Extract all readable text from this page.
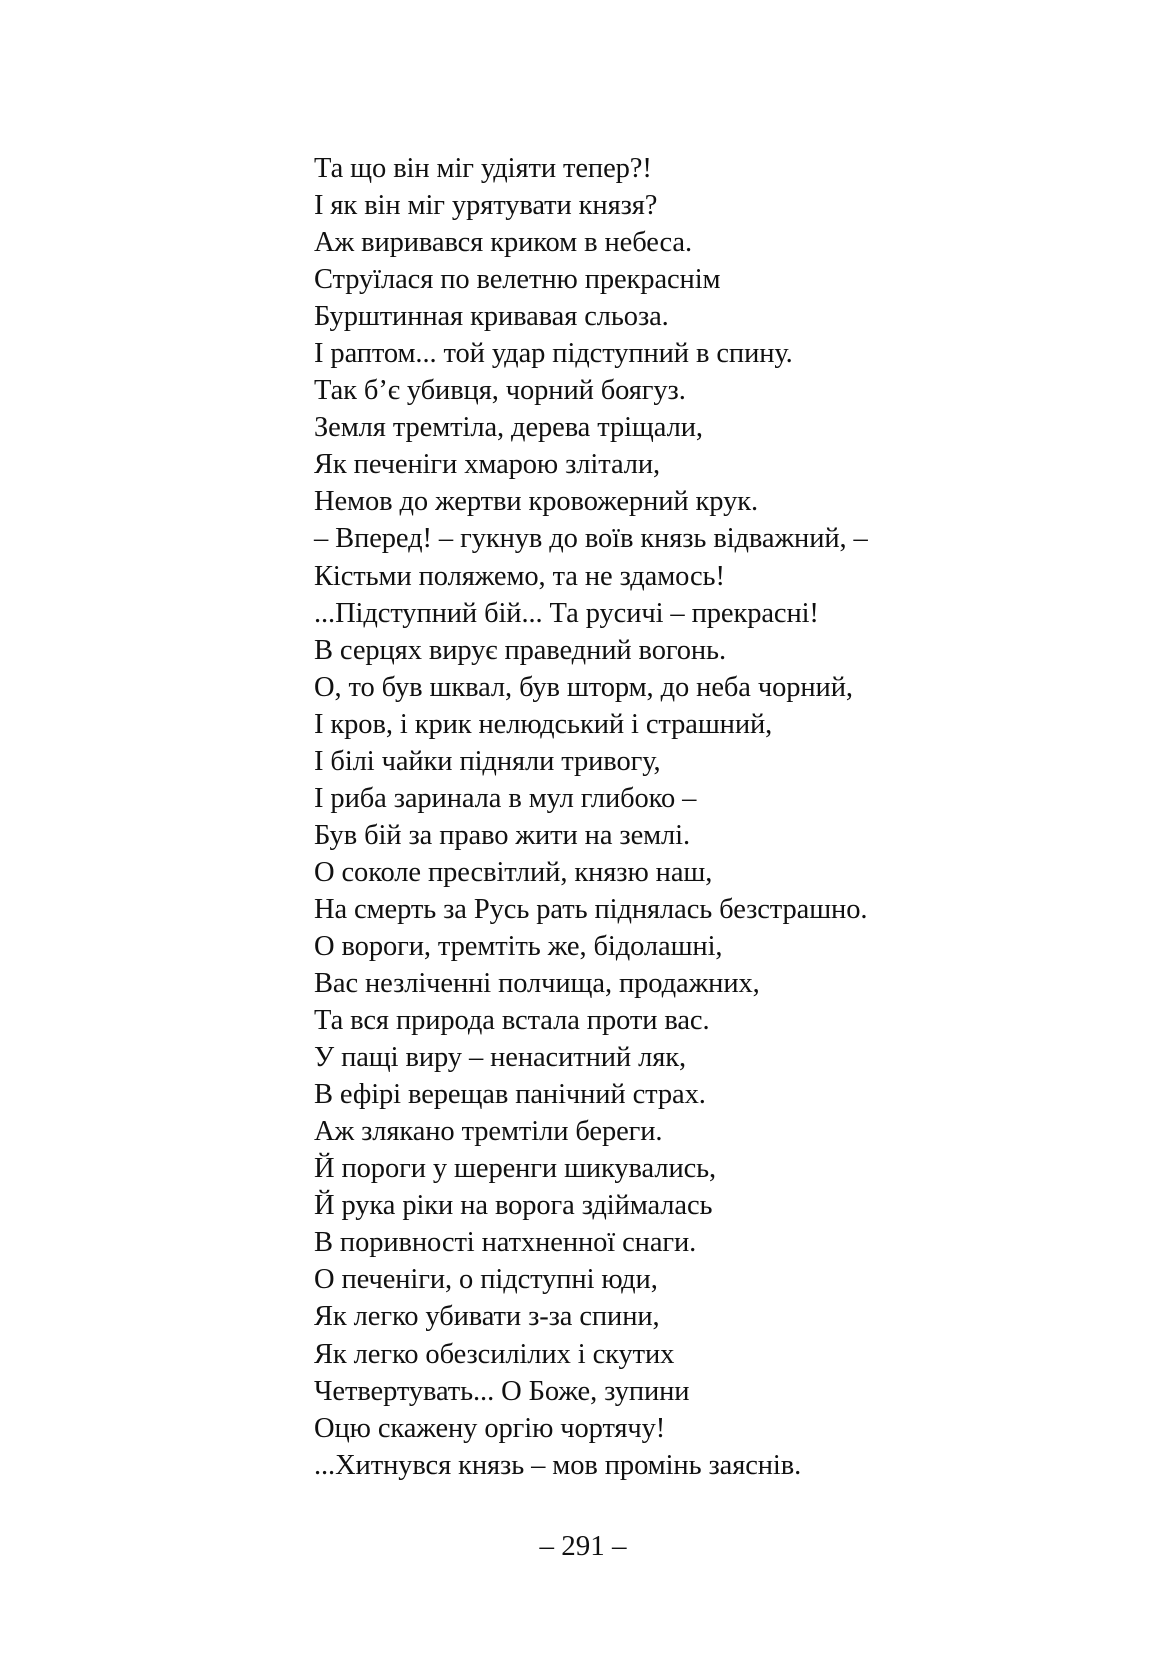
Та що він міг удіяти тепер?!
І як він міг урятувати князя?
Аж виривався криком в небеса.
Струїлася по велетню прекраснім
Бурштинная кривавая сльоза.
І раптом... той удар підступний в спину.
Так б’є убивця, чорний боягуз.
Земля тремтіла, дерева тріщали,
Як печеніги хмарою злітали,
Немов до жертви кровожерний крук.
– Вперед! – гукнув до воїв князь відважний, –
Кістьми поляжемо, та не здамось!
...Підступний бій... Та русичі – прекрасні!
В серцях вирує праведний вогонь.
О, то був шквал, був шторм, до неба чорний,
І кров, і крик нелюдський і страшний,
І білі чайки підняли тривогу,
І риба заринала в мул глибоко –
Був бій за право жити на землі.
О соколе пресвітлий, князю наш,
На смерть за Русь рать піднялась безстрашно.
О вороги, тремтіть же, бідолашні,
Вас незліченні полчища, продажних,
Та вся природа встала проти вас.
У пащі виру – ненаситний ляк,
В ефірі верещав панічний страх.
Аж злякано тремтіли береги.
Й пороги у шеренги шикувались,
Й рука ріки на ворога здіймалась
В поривності натхненної снаги.
О печеніги, о підступні юди,
Як легко убивати з-за спини,
Як легко обезсилілих і скутих
Четвертувать... О Боже, зупини
Оцю скажену оргію чортячу!
...Хитнувся князь – мов промінь заяснів.
– 291 –
